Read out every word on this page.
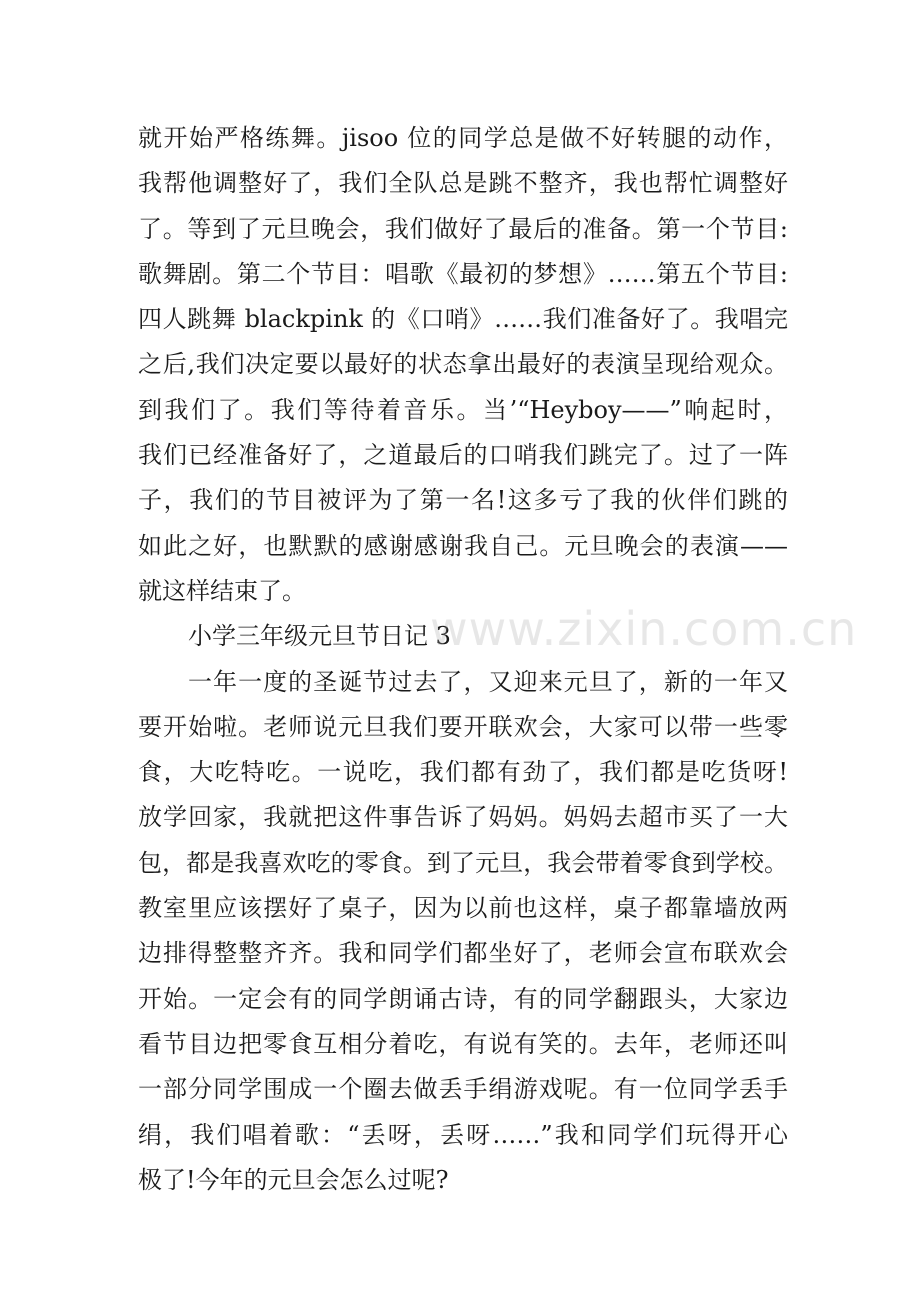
就开始严格练舞。jisoo 位的同学总是做不好转腿的动作，
我帮他调整好了，我们全队总是跳不整齐，我也帮忙调整好
了。等到了元旦晚会，我们做好了最后的准备。第一个节目:
歌舞剧。第二个节目：唱歌《最初的梦想》……第五个节目:
四人跳舞 blackpink 的《口哨》……我们准备好了。我唱完
之后,我们决定要以最好的状态拿出最好的表演呈现给观众。
到我们了。我们等待着音乐。当’“Heyboy——”响起时，
我们已经准备好了，之道最后的口哨我们跳完了。过了一阵
子，我们的节目被评为了第一名!这多亏了我的伙伴们跳的
如此之好，也默默的感谢感谢我自己。元旦晚会的表演——
就这样结束了。
小学三年级元旦节日记 3
一年一度的圣诞节过去了，又迎来元旦了，新的一年又
要开始啦。老师说元旦我们要开联欢会，大家可以带一些零
食，大吃特吃。一说吃，我们都有劲了，我们都是吃货呀!
放学回家，我就把这件事告诉了妈妈。妈妈去超市买了一大
包，都是我喜欢吃的零食。到了元旦，我会带着零食到学校。
教室里应该摆好了桌子，因为以前也这样，桌子都靠墙放两
边排得整整齐齐。我和同学们都坐好了，老师会宣布联欢会
开始。一定会有的同学朗诵古诗，有的同学翻跟头，大家边
看节目边把零食互相分着吃，有说有笑的。去年，老师还叫
一部分同学围成一个圈去做丢手绢游戏呢。有一位同学丢手
绢，我们唱着歌：“丢呀，丢呀……”我和同学们玩得开心
极了!今年的元旦会怎么过呢?
www.zixin.com.cn
